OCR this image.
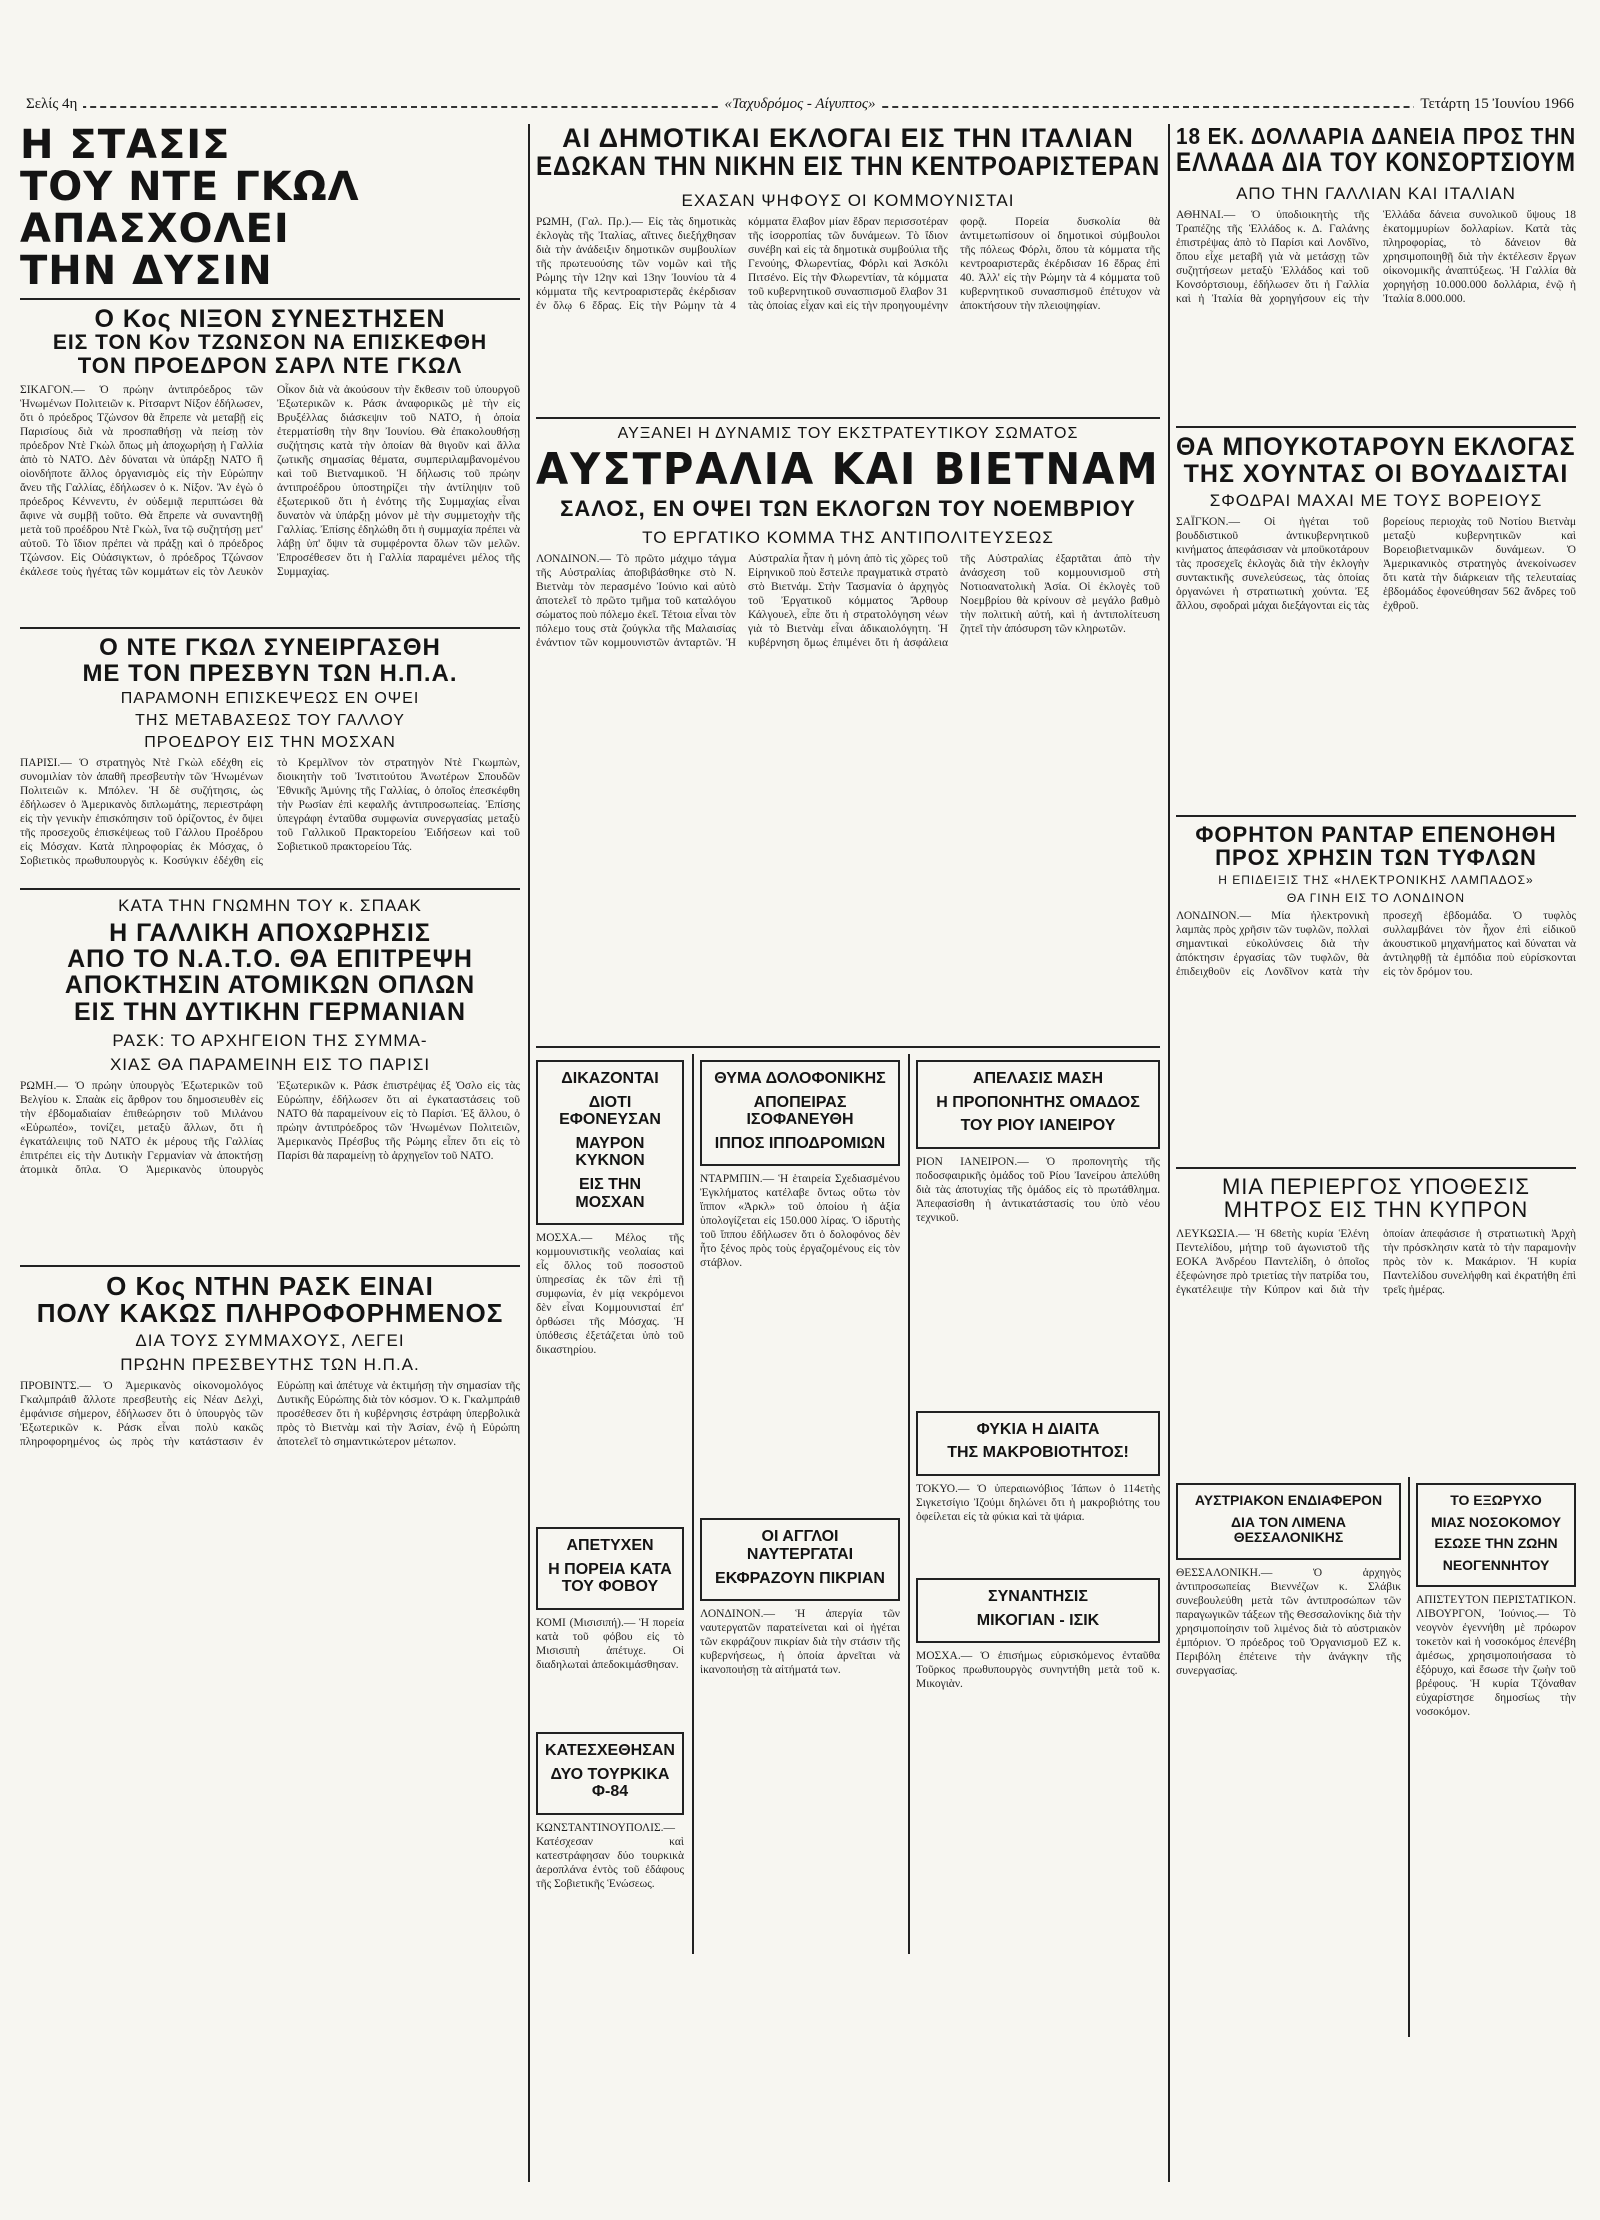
Σελίς 4η	«Ταχυδρόμος - Αίγυπτος»	Τετάρτη 15 Ἰουνίου 1966
Η ΣΤΑΣΙΣ
ΤΟΥ ΝΤΕ ΓΚΩΛ
ΑΠΑΣΧΟΛΕΙ
ΤΗΝ ΔΥΣΙΝ
Ο Κος ΝΙΞΟΝ ΣΥΝΕΣΤΗΣΕΝ
ΕΙΣ ΤΟΝ Κον ΤΖΩΝΣΟΝ ΝΑ ΕΠΙΣΚΕΦΘΗ
ΤΟΝ ΠΡΟΕΔΡΟΝ ΣΑΡΛ ΝΤΕ ΓΚΩΛ

ΣΙΚΑΓΟΝ.— Ὁ πρώην ἀντιπρόεδρος τῶν Ἡνωμένων Πολιτειῶν κ. Ρίτσαρντ Νίξον ἐδήλωσεν, ὅτι ὁ πρόεδρος Τζώνσον θὰ ἔπρεπε νὰ μεταβῇ εἰς Παρισίους διὰ νὰ προσπαθήσῃ νὰ πείσῃ τὸν πρόεδρον Ντὲ Γκὼλ ὅπως μὴ ἀποχωρήσῃ ἡ Γαλλία ἀπὸ τὸ ΝΑΤΟ. Δὲν δύναται νὰ ὑπάρξῃ ΝΑΤΟ ἢ οἱονδήποτε ἄλλος ὀργανισμὸς εἰς τὴν Εὐρώπην ἄνευ τῆς Γαλλίας, ἐδήλωσεν ὁ κ. Νίξον. Ἂν ἐγὼ ὁ πρόεδρος Κέννεντυ, ἐν οὐδεμιᾷ περιπτώσει θὰ ἄφινε νὰ συμβῇ τοῦτο. Θὰ ἔπρεπε νὰ συναντηθῇ μετὰ τοῦ προέδρου Ντὲ Γκὼλ, ἵνα τῷ συζητήσῃ μετ' αὐτοῦ. Τὸ ἴδιον πρέπει νὰ πράξῃ καὶ ὁ πρόεδρος Τζώνσον. Εἰς Οὐάσιγκτων, ὁ πρόεδρος Τζώνσον ἐκάλεσε τοὺς ἡγέτας τῶν κομμάτων εἰς τὸν Λευκὸν Οἶκον διὰ νὰ ἀκούσουν τὴν ἔκθεσιν τοῦ ὑπουργοῦ Ἐξωτερικῶν κ. Ράσκ ἀναφορικῶς μὲ τὴν εἰς Βρυξέλλας διάσκεψιν τοῦ ΝΑΤΟ, ἡ ὁποία ἐτερματίσθη τὴν 8ην Ἰουνίου. Θὰ ἐπακολουθήσῃ συζήτησις κατὰ τὴν ὁποίαν θὰ θιγοῦν καὶ ἄλλα ζωτικῆς σημασίας θέματα, συμπεριλαμβανομένου καὶ τοῦ Βιετναμικοῦ. Ἡ δήλωσις τοῦ πρώην ἀντιπροέδρου ὑποστηρίζει τὴν ἀντίληψιν τοῦ ἐξωτερικοῦ ὅτι ἡ ἐνότης τῆς Συμμαχίας εἶναι δυνατὸν νὰ ὑπάρξῃ μόνον μὲ τὴν συμμετοχὴν τῆς Γαλλίας. Ἐπίσης ἐδηλώθη ὅτι ἡ συμμαχία πρέπει νὰ λάβῃ ὑπ' ὄψιν τὰ συμφέροντα ὅλων τῶν μελῶν. Ἐπροσέθεσεν ὅτι ἡ Γαλλία παραμένει μέλος τῆς Συμμαχίας.

Ο ΝΤΕ ΓΚΩΛ ΣΥΝΕΙΡΓΑΣΘΗ
ΜΕ ΤΟΝ ΠΡΕΣΒΥΝ ΤΩΝ Η.Π.Α.
ΠΑΡΑΜΟΝΗ ΕΠΙΣΚΕΨΕΩΣ ΕΝ ΟΨΕΙ
ΤΗΣ ΜΕΤΑΒΑΣΕΩΣ ΤΟΥ ΓΑΛΛΟΥ
ΠΡΟΕΔΡΟΥ ΕΙΣ ΤΗΝ ΜΟΣΧΑΝ

ΠΑΡΙΣΙ.— Ὁ στρατηγὸς Ντὲ Γκὼλ εδέχθη εἰς συνομιλίαν τὸν ἀπαθῆ πρεσβευτὴν τῶν Ἡνωμένων Πολιτειῶν κ. Μπόλεν. Ἡ δὲ συζήτησις, ὡς ἐδήλωσεν ὁ Ἀμερικανὸς διπλωμάτης, περιεστράφη εἰς τὴν γενικὴν ἐπισκόπησιν τοῦ ὁρίζοντος, ἐν ὄψει τῆς προσεχοῦς ἐπισκέψεως τοῦ Γάλλου Προέδρου εἰς Μόσχαν. Κατὰ πληροφορίας ἐκ Μόσχας, ὁ Σοβιετικὸς πρωθυπουργὸς κ. Κοσύγκιν ἐδέχθη εἰς τὸ Κρεμλῖνον τὸν στρατηγὸν Ντὲ Γκωμπὼν, διοικητὴν τοῦ Ἰνστιτούτου Ἀνωτέρων Σπουδῶν Ἐθνικῆς Ἀμύνης τῆς Γαλλίας, ὁ ὁποῖος ἐπεσκέφθη τὴν Ρωσίαν ἐπὶ κεφαλῆς ἀντιπροσωπείας. Ἐπίσης ὑπεγράφη ἐνταῦθα συμφωνία συνεργασίας μεταξὺ τοῦ Γαλλικοῦ Πρακτορείου Ἐιδήσεων καὶ τοῦ Σοβιετικοῦ πρακτορείου Τάς.

ΚΑΤΑ ΤΗΝ ΓΝΩΜΗΝ ΤΟΥ κ. ΣΠΑΑΚ
Η ΓΑΛΛΙΚΗ ΑΠΟΧΩΡΗΣΙΣ
ΑΠΟ ΤΟ Ν.Α.Τ.Ο. ΘΑ ΕΠΙΤΡΕΨΗ
ΑΠΟΚΤΗΣΙΝ ΑΤΟΜΙΚΩΝ ΟΠΛΩΝ
ΕΙΣ ΤΗΝ ΔΥΤΙΚΗΝ ΓΕΡΜΑΝΙΑΝ
ΡΑΣΚ: ΤΟ ΑΡΧΗΓΕΙΟΝ ΤΗΣ ΣΥΜΜΑ-
ΧΙΑΣ ΘΑ ΠΑΡΑΜΕΙΝΗ ΕΙΣ ΤΟ ΠΑΡΙΣΙ

ΡΩΜΗ.— Ὁ πρώην ὑπουργὸς Ἐξωτερικῶν τοῦ Βελγίου κ. Σπαὰκ εἰς ἄρθρον του δημοσιευθὲν εἰς τὴν ἐβδομαδιαίαν ἐπιθεώρησιν τοῦ Μιλάνου «Εὐρωπέο», τονίζει, μεταξὺ ἄλλων, ὅτι ἡ ἐγκατάλειψις τοῦ ΝΑΤΟ ἐκ μέρους τῆς Γαλλίας ἐπιτρέπει εἰς τὴν Δυτικὴν Γερμανίαν νὰ ἀποκτήσῃ ἀτομικὰ ὅπλα. Ὁ Ἀμερικανὸς ὑπουργὸς Ἐξωτερικῶν κ. Ράσκ ἐπιστρέψας ἐξ Ὀσλο εἰς τὰς Εὐρώπην, ἐδήλωσεν ὅτι αἱ ἐγκαταστάσεις τοῦ ΝΑΤΟ θὰ παραμείνουν εἰς τὸ Παρίσι. Ἐξ ἄλλου, ὁ πρώην ἀντιπρόεδρος τῶν Ἡνωμένων Πολιτειῶν, Ἀμερικανὸς Πρέσβυς τῆς Ρώμης εἶπεν ὅτι εἰς τὸ Παρίσι θὰ παραμείνῃ τὸ ἀρχηγεῖον τοῦ ΝΑΤΟ.

Ο Κος ΝΤΗΝ ΡΑΣΚ ΕΙΝΑΙ
ΠΟΛΥ ΚΑΚΩΣ ΠΛΗΡΟΦΟΡΗΜΕΝΟΣ
ΔΙΑ ΤΟΥΣ ΣΥΜΜΑΧΟΥΣ, ΛΕΓΕΙ
ΠΡΩΗΝ ΠΡΕΣΒΕΥΤΗΣ ΤΩΝ Η.Π.Α.

ΠΡΟΒΙΝΤΣ.— Ὁ Ἀμερικανὸς οἰκονομολόγος Γκαλμπράιθ ἄλλοτε πρεσβευτὴς εἰς Νέαν Δελχὶ, ἐμφάνισε σήμερον, ἐδήλωσεν ὅτι ὁ ὑπουργὸς τῶν Ἐξωτερικῶν κ. Ράσκ εἶναι πολὺ κακῶς πληροφορημένος ὡς πρὸς τὴν κατάστασιν ἐν Εὐρώπῃ καὶ ἀπέτυχε νὰ ἐκτιμήσῃ τὴν σημασίαν τῆς Δυτικῆς Εὐρώπης διὰ τὸν κόσμον. Ὁ κ. Γκαλμπράιθ προσέθεσεν ὅτι ἡ κυβέρνησις ἐστράφη ὑπερβολικὰ πρὸς τὸ Βιετνὰμ καὶ τὴν Ἀσίαν, ἐνῷ ἡ Εὐρώπη ἀποτελεῖ τὸ σημαντικώτερον μέτωπον.

ΑΙ ΔΗΜΟΤΙΚΑΙ ΕΚΛΟΓΑΙ ΕΙΣ ΤΗΝ ΙΤΑΛΙΑΝ
ΕΔΩΚΑΝ ΤΗΝ ΝΙΚΗΝ ΕΙΣ ΤΗΝ ΚΕΝΤΡΟΑΡΙΣΤΕΡΑΝ
ΕΧΑΣΑΝ ΨΗΦΟΥΣ ΟΙ ΚΟΜΜΟΥΝΙΣΤΑΙ

ΡΩΜΗ, (Γαλ. Πρ.).— Εἰς τὰς δημοτικὰς ἐκλογὰς τῆς Ἰταλίας, αἵτινες διεξήχθησαν διὰ τὴν ἀνάδειξιν δημοτικῶν συμβουλίων τῆς πρωτευούσης τῶν νομῶν καὶ τῆς Ρώμης τὴν 12ην καὶ 13ην Ἰουνίου τὰ 4 κόμματα τῆς κεντροαριστερᾶς ἐκέρδισαν ἐν ὅλῳ 6 ἕδρας. Εἰς τὴν Ρώμην τὰ 4 κόμματα ἔλαβον μίαν ἕδραν περισσοτέραν τῆς ἰσορροπίας τῶν δυνάμεων. Τὸ ἴδιον συνέβη καὶ εἰς τὰ δημοτικὰ συμβούλια τῆς Γενούης, Φλωρεντίας, Φόρλι καὶ Ἀσκόλι Πιτσένο. Εἰς τὴν Φλωρεντίαν, τὰ κόμματα τοῦ κυβερνητικοῦ συνασπισμοῦ ἔλαβον 31 τὰς ὁποίας εἶχαν καὶ εἰς τὴν προηγουμένην φορᾷ. Πορεία δυσκολία θὰ ἀντιμετωπίσουν οἱ δημοτικοὶ σύμβουλοι τῆς πόλεως Φόρλι, ὅπου τὰ κόμματα τῆς κεντροαριστερᾶς ἐκέρδισαν 16 ἕδρας ἐπὶ 40. Ἀλλ' εἰς τὴν Ρώμην τὰ 4 κόμματα τοῦ κυβερνητικοῦ συνασπισμοῦ ἐπέτυχον νὰ ἀποκτήσουν τὴν πλειοψηφίαν.

ΑΥΞΑΝΕΙ Η ΔΥΝΑΜΙΣ ΤΟΥ ΕΚΣΤΡΑΤΕΥΤΙΚΟΥ ΣΩΜΑΤΟΣ
ΑΥΣΤΡΑΛΙΑ ΚΑΙ ΒΙΕΤΝΑΜ
ΣΑΛΟΣ, ΕΝ ΟΨΕΙ ΤΩΝ ΕΚΛΟΓΩΝ ΤΟΥ ΝΟΕΜΒΡΙΟΥ
ΤΟ ΕΡΓΑΤΙΚΟ ΚΟΜΜΑ ΤΗΣ ΑΝΤΙΠΟΛΙΤΕΥΣΕΩΣ

ΛΟΝΔΙΝΟΝ.— Τὸ πρῶτο μάχιμο τάγμα τῆς Αὐστραλίας ἀποβιβάσθηκε στὸ Ν. Βιετνὰμ τὸν περασμένο Ἰούνιο καὶ αὐτὸ ἀποτελεῖ τὸ πρῶτο τμῆμα τοῦ καταλόγου σώματος ποὺ πόλεμο ἐκεῖ. Τέτοια εἶναι τὸν πόλεμο τους στὰ ζούγκλα τῆς Μαλαισίας ἐνάντιον τῶν κομμουνιστῶν ἀνταρτῶν. Ἡ Αὐστραλία ἦταν ἡ μόνη ἀπὸ τὶς χῶρες τοῦ Εἰρηνικοῦ ποὺ ἔστειλε πραγματικὰ στρατὸ στὸ Βιετνάμ. Στὴν Τασμανία ὁ ἀρχηγὸς τοῦ Ἐργατικοῦ κόμματος Ἄρθουρ Κάλγουελ, εἶπε ὅτι ἡ στρατολόγηση νέων γιὰ τὸ Βιετνὰμ εἶναι ἀδικαιολόγητη. Ἡ κυβέρνηση ὅμως ἐπιμένει ὅτι ἡ ἀσφάλεια τῆς Αὐστραλίας ἐξαρτᾶται ἀπὸ τὴν ἀνάσχεση τοῦ κομμουνισμοῦ στὴ Νοτιοανατολικὴ Ἀσία. Οἱ ἐκλογὲς τοῦ Νοεμβρίου θὰ κρίνουν σὲ μεγάλο βαθμὸ τὴν πολιτικὴ αὐτή, καὶ ἡ ἀντιπολίτευση ζητεῖ τὴν ἀπόσυρση τῶν κληρωτῶν.

ΔΙΚΑΖΟΝΤΑΙ
ΔΙΟΤΙ ΕΦΟΝΕΥΣΑΝ
ΜΑΥΡΟΝ ΚΥΚΝΟΝ
ΕΙΣ ΤΗΝ ΜΟΣΧΑΝ

ΜΟΣΧΑ.— Μέλος τῆς κομμουνιστικῆς νεολαίας καὶ εἷς ὅλλος τοῦ ποσοστοῦ ὑπηρεσίας ἐκ τῶν ἐπὶ τῇ συμφωνία, ἐν μίᾳ νεκρόμενοι δὲν εἶναι Κομμουνισταί ἐπ' ὀρθώσει τῆς Μόσχας. Ἡ ὑπόθεσις ἐξετάζεται ὑπὸ τοῦ δικαστηρίου.

ΑΠΕΤΥΧΕΝ
Η ΠΟΡΕΙΑ ΚΑΤΑ ΤΟΥ ΦΟΒΟΥ

ΚΟΜΙ (Μισισιπή).— Ἡ πορεία κατὰ τοῦ φόβου εἰς τὸ Μισισιπὴ ἀπέτυχε. Οἱ διαδηλωταὶ ἀπεδοκιμάσθησαν.

ΚΑΤΕΣΧΕΘΗΣΑΝ
ΔΥΟ ΤΟΥΡΚΙΚΑ Φ-84

ΚΩΝΣΤΑΝΤΙΝΟΥΠΟΛΙΣ.— Κατέσχεσαν καὶ κατεστράφησαν δύο τουρκικὰ ἀεροπλάνα ἐντὸς τοῦ ἐδάφους τῆς Σοβιετικῆς Ἑνώσεως.

ΘΥΜΑ ΔΟΛΟΦΟΝΙΚΗΣ
ΑΠΟΠΕΙΡΑΣ ΙΣΟΦΑΝΕΥΘΗ
ΙΠΠΟΣ ΙΠΠΟΔΡΟΜΙΩΝ

ΝΤΑΡΜΠΙΝ.— Ἡ ἑταιρεία Σχεδιασμένου Ἐγκλήματος κατέλαβε ὄντως οὕτω τὸν ἵππον «Ἀρκλ» τοῦ ὁποίου ἡ ἀξία ὑπολογίζεται εἰς 150.000 λίρας. Ὁ ἱδρυτὴς τοῦ ἵππου ἐδήλωσεν ὅτι ὁ δολοφόνος δὲν ἦτο ξένος πρὸς τοὺς ἐργαζομένους εἰς τὸν στάβλον.

ΟΙ ΑΓΓΛΟΙ ΝΑΥΤΕΡΓΑΤΑΙ
ΕΚΦΡΑΖΟΥΝ ΠΙΚΡΙΑΝ

ΛΟΝΔΙΝΟΝ.— Ἡ ἀπεργία τῶν ναυτεργατῶν παρατείνεται καὶ οἱ ἡγέται τῶν εκφράζουν πικρίαν διὰ τὴν στάσιν τῆς κυβερνήσεως, ἡ ὁποία ἀρνεῖται νὰ ἱκανοποιήσῃ τὰ αἰτήματά των.

ΑΠΕΛΑΣΙΣ ΜΑΣΗ
Η ΠΡΟΠΟΝΗΤΗΣ ΟΜΑΔΟΣ
ΤΟΥ ΡΙΟΥ ΙΑΝΕΙΡΟΥ

ΡΙΟΝ ΙΑΝΕΙΡΟΝ.— Ὁ προπονητὴς τῆς ποδοσφαιρικῆς ὁμάδος τοῦ Ρίου Ἰανείρου ἀπελύθη διὰ τὰς ἀποτυχίας τῆς ὁμάδος εἰς τὸ πρωτάθλημα. Ἀπεφασίσθη ἡ ἀντικατάστασίς του ὑπὸ νέου τεχνικοῦ.

ΦΥΚΙΑ Η ΔΙΑΙΤΑ
ΤΗΣ ΜΑΚΡΟΒΙΟΤΗΤΟΣ!

ΤΟΚΥΟ.— Ὁ ὑπεραιωνόβιος Ἰάπων ὁ 114ετὴς Σιγκετσίγιο Ἰζούμι δηλώνει ὅτι ἡ μακροβιότης του ὀφείλεται εἰς τὰ φύκια καὶ τὰ ψάρια.

ΣΥΝΑΝΤΗΣΙΣ
ΜΙΚΟΓΙΑΝ - ΙΣΙΚ

ΜΟΣΧΑ.— Ὁ ἐπισήμως εὑρισκόμενος ἐνταῦθα Τοῦρκος πρωθυπουργὸς συνηντήθη μετὰ τοῦ κ. Μικογιὰν.

18 ΕΚ. ΔΟΛΛΑΡΙΑ ΔΑΝΕΙΑ ΠΡΟΣ ΤΗΝ
ΕΛΛΑΔΑ ΔΙΑ ΤΟΥ ΚΟΝΣΟΡΤΣΙΟΥΜ
ΑΠΟ ΤΗΝ ΓΑΛΛΙΑΝ ΚΑΙ ΙΤΑΛΙΑΝ

ΑΘΗΝΑΙ.— Ὁ ὑποδιοικητὴς τῆς Τραπέζης τῆς Ἑλλάδος κ. Δ. Γαλάνης ἐπιστρέψας ἀπὸ τὸ Παρίσι καὶ Λονδῖνο, ὅπου εἶχε μεταβῆ γιὰ νὰ μετάσχῃ τῶν συζητήσεων μεταξὺ Ἑλλάδος καὶ τοῦ Κονσόρτσιουμ, ἐδήλωσεν ὅτι ἡ Γαλλία καὶ ἡ Ἰταλία θὰ χορηγήσουν εἰς τὴν Ἑλλάδα δάνεια συνολικοῦ ὕψους 18 ἑκατομμυρίων δολλαρίων. Κατὰ τὰς πληροφορίας, τὸ δάνειον θὰ χρησιμοποιηθῇ διὰ τὴν ἐκτέλεσιν ἔργων οἰκονομικῆς ἀναπτύξεως. Ἡ Γαλλία θὰ χορηγήσῃ 10.000.000 δολλάρια, ἐνῷ ἡ Ἰταλία 8.000.000.

ΘΑ ΜΠΟΥΚΟΤΑΡΟΥΝ ΕΚΛΟΓΑΣ
ΤΗΣ ΧΟΥΝΤΑΣ ΟΙ ΒΟΥΔΔΙΣΤΑΙ
ΣΦΟΔΡΑΙ ΜΑΧΑΙ ΜΕ ΤΟΥΣ ΒΟΡΕΙΟΥΣ

ΣΑΪΓΚΟΝ.— Οἱ ἡγέται τοῦ βουδδιστικοῦ ἀντικυβερνητικοῦ κινήματος ἀπεφάσισαν νὰ μποϋκοτάρουν τὰς προσεχεῖς ἐκλογὰς διὰ τὴν ἐκλογὴν συντακτικῆς συνελεύσεως, τὰς ὁποίας ὀργανώνει ἡ στρατιωτικὴ χούντα. Ἐξ ἄλλου, σφοδραὶ μάχαι διεξάγονται εἰς τὰς βορείους περιοχὰς τοῦ Νοτίου Βιετνὰμ μεταξὺ κυβερνητικῶν καὶ Βορειοβιετναμικῶν δυνάμεων. Ὁ Ἀμερικανικὸς στρατηγὸς ἀνεκοίνωσεν ὅτι κατὰ τὴν διάρκειαν τῆς τελευταίας ἑβδομάδος ἐφονεύθησαν 562 ἄνδρες τοῦ ἐχθροῦ.

ΦΟΡΗΤΟΝ ΡΑΝΤΑΡ ΕΠΕΝΟΗΘΗ
ΠΡΟΣ ΧΡΗΣΙΝ ΤΩΝ ΤΥΦΛΩΝ
Η ΕΠΙΔΕΙΞΙΣ ΤΗΣ «ΗΛΕΚΤΡΟΝΙΚΗΣ ΛΑΜΠΑΔΟΣ»
ΘΑ ΓΙΝΗ ΕΙΣ ΤΟ ΛΟΝΔΙΝΟΝ

ΛΟΝΔΙΝΟΝ.— Μία ἠλεκτρονικὴ λαμπὰς πρὸς χρῆσιν τῶν τυφλῶν, πολλαὶ σημαντικαὶ εὐκολύνσεις διὰ τὴν ἀπόκτησιν ἐργασίας τῶν τυφλῶν, θὰ ἐπιδειχθοῦν εἰς Λονδῖνον κατὰ τὴν προσεχῆ ἑβδομάδα. Ὁ τυφλὸς συλλαμβάνει τὸν ἦχον ἐπὶ εἰδικοῦ ἀκουστικοῦ μηχανήματος καὶ δύναται νὰ ἀντιληφθῇ τὰ ἐμπόδια ποὺ εὑρίσκονται εἰς τὸν δρόμον του.

ΜΙΑ ΠΕΡΙΕΡΓΟΣ ΥΠΟΘΕΣΙΣ
ΜΗΤΡΟΣ ΕΙΣ ΤΗΝ ΚΥΠΡΟΝ

ΛΕΥΚΩΣΙΑ.— Ἡ 68ετὴς κυρία Ἑλένη Πεντελίδου, μήτηρ τοῦ ἀγωνιστοῦ τῆς ΕΟΚΑ Ἀνδρέου Παντελίδη, ὁ ὁποῖος ἐξεφώνησε πρὸ τριετίας τὴν πατρίδα του, ἐγκατέλειψε τὴν Κύπρον καὶ διὰ τὴν ὁποίαν ἀπεφάσισε ἡ στρατιωτικὴ Ἀρχὴ τὴν πρόσκλησιν κατὰ τὸ τὴν παραμονὴν πρὸς τὸν κ. Μακάριον. Ἡ κυρία Παντελίδου συνελήφθη καὶ ἐκρατήθη ἐπὶ τρεῖς ἡμέρας.

ΑΥΣΤΡΙΑΚΟΝ ΕΝΔΙΑΦΕΡΟΝ
ΔΙΑ ΤΟΝ ΛΙΜΕΝΑ ΘΕΣΣΑΛΟΝΙΚΗΣ

ΘΕΣΣΑΛΟΝΙΚΗ.— Ὁ ἀρχηγὸς ἀντιπροσωπείας Βιεννέζων κ. Σλάβικ συνεβουλεύθη μετὰ τῶν ἀντιπροσώπων τῶν παραγωγικῶν τάξεων τῆς Θεσσαλονίκης διὰ τὴν χρησιμοποίησιν τοῦ λιμένος διὰ τὸ αὐστριακὸν ἐμπόριον. Ὁ πρόεδρος τοῦ Ὀργανισμοῦ ΕΖ κ. Περιβόλη ἐπέτεινε τὴν ἀνάγκην τῆς συνεργασίας.

ΤΟ ΕΞΩΡΥΧΟ
ΜΙΑΣ ΝΟΣΟΚΟΜΟΥ
ΕΣΩΣΕ ΤΗΝ ΖΩΗΝ
ΝΕΟΓΕΝΝΗΤΟΥ

ΑΠΙΣΤΕΥΤΟΝ ΠΕΡΙΣΤΑΤΙΚΟΝ. ΛΙΒΟΥΡΓΟΝ, Ἰούνιος.— Τὸ νεογνὸν ἐγεννήθη μὲ πρόωρον τοκετὸν καὶ ἡ νοσοκόμος ἐπενέβη ἀμέσως, χρησιμοποιήσασα τὸ ἐξόρυχο, καὶ ἔσωσε τὴν ζωὴν τοῦ βρέφους. Ἡ κυρία Τζόναθαν εὐχαρίστησε δημοσίως τὴν νοσοκόμον.
